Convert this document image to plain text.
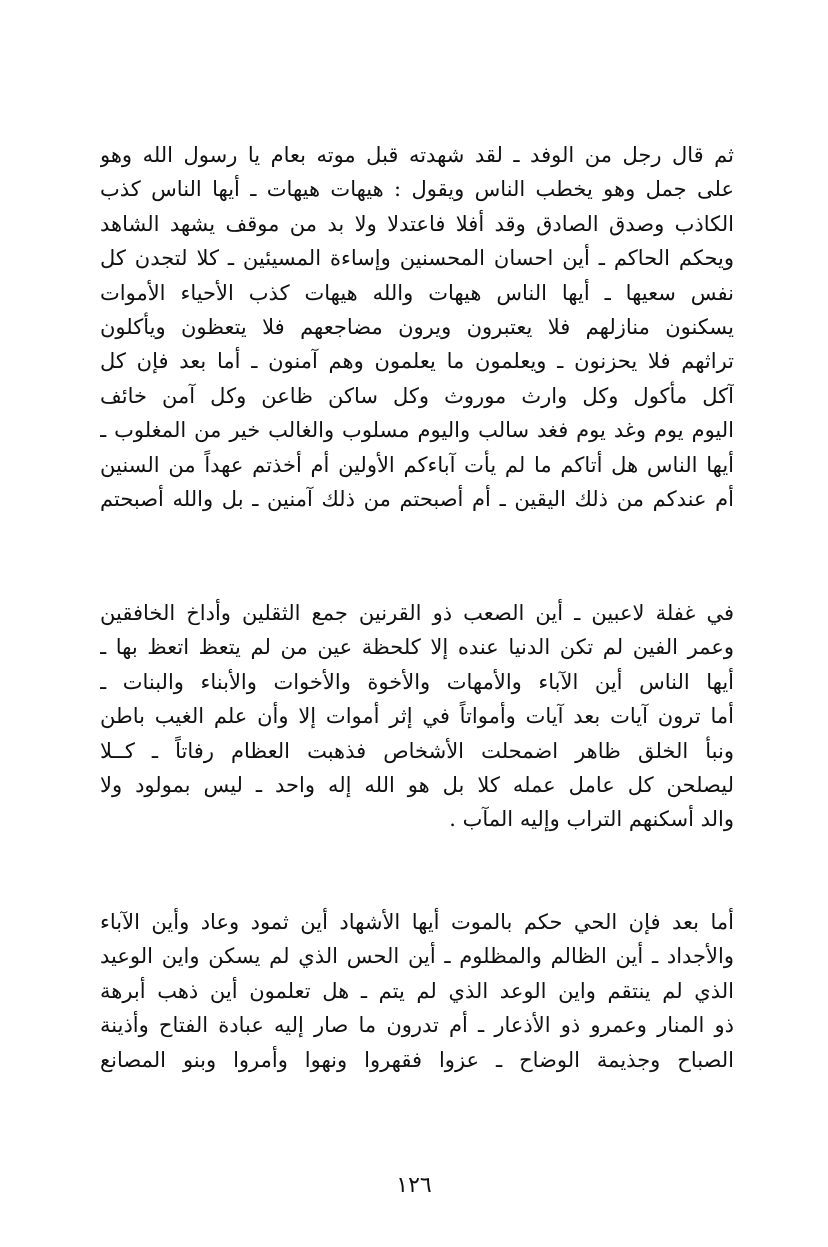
ثم قال رجل من الوفد ـ لقد شهدته قبل موته بعام يا رسول الله وهو
على جمل وهو يخطب الناس ويقول : هيهات هيهات ـ أيها الناس كذب
الكاذب وصدق الصادق وقد أفلا فاعتدلا ولا بد من موقف يشهد الشاهد
ويحكم الحاكم ـ أين احسان المحسنين وإساءة المسيئين ـ كلا لتجدن كل
نفس سعيها ـ أيها الناس هيهات والله هيهات كذب الأحياء الأموات
يسكنون منازلهم فلا يعتبرون ويرون مضاجعهم فلا يتعظون ويأكلون
تراثهم فلا يحزنون ـ ويعلمون ما يعلمون وهم آمنون ـ أما بعد فإن كل
آكل مأكول وكل وارث موروث وكل ساكن ظاعن وكل آمن خائف
اليوم يوم وغد يوم فغد سالب واليوم مسلوب والغالب خير من المغلوب ـ
أيها الناس هل أتاكم ما لم يأت آباءكم الأولين أم أخذتم عهداً من السنين
أم عندكم من ذلك اليقين ـ أم أصبحتم من ذلك آمنين ـ بل والله أصبحتم
في غفلة لاعبين ـ أين الصعب ذو القرنين جمع الثقلين وأداخ الخافقين
وعمر الفين لم تكن الدنيا عنده إلا كلحظة عين من لم يتعظ اتعظ بها ـ
أيها الناس أين الآباء والأمهات والأخوة والأخوات والأبناء والبنات ـ
أما ترون آيات بعد آيات وأمواتاً في إثر أموات إلا وأن علم الغيب باطن
ونبأ الخلق ظاهر اضمحلت الأشخاص فذهبت العظام رفاتاً ـ كــلا
ليصلحن كل عامل عمله كلا بل هو الله إله واحد ـ ليس بمولود ولا
والد أسكنهم التراب وإليه المآب .
أما بعد فإن الحي حكم بالموت أيها الأشهاد أين ثمود وعاد وأين الآباء
والأجداد ـ أين الظالم والمظلوم ـ أين الحس الذي لم يسكن واين الوعيد
الذي لم ينتقم واين الوعد الذي لم يتم ـ هل تعلمون أين ذهب أبرهة
ذو المنار وعمرو ذو الأذعار ـ أم تدرون ما صار إليه عبادة الفتاح وأذينة
الصباح وجذيمة الوضاح ـ عزوا فقهروا ونهوا وأمروا وبنو المصانع
١٢٦
